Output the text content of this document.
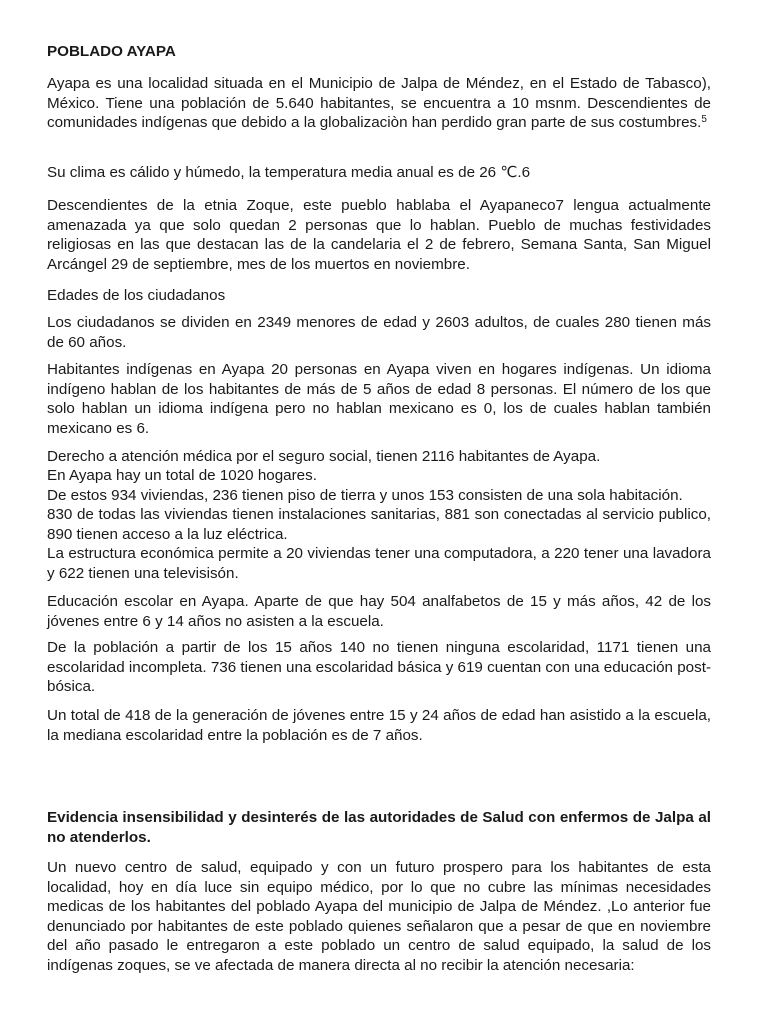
POBLADO AYAPA

Ayapa es una localidad situada en el Municipio de Jalpa de Méndez, en el Estado de Tabasco), México. Tiene una población de 5.640 habitantes, se encuentra a 10 msnm. Descendientes de comunidades indígenas que debido a la globalizaciòn han perdido gran parte de sus costumbres.$^5$

Su clima es cálido y húmedo, la temperatura media anual es de 26 ℃.6

Descendientes de la etnia Zoque, este pueblo hablaba el Ayapaneco7 lengua actualmente amenazada ya que solo quedan 2 personas que lo hablan. Pueblo de muchas festividades religiosas en las que destacan las de la candelaria el 2 de febrero, Semana Santa, San Miguel Arcángel 29 de septiembre, mes de los muertos en noviembre.

Edades de los ciudadanos

Los ciudadanos se dividen en 2349 menores de edad y 2603 adultos, de cuales 280 tienen más de 60 años.

Habitantes indígenas en Ayapa 20 personas en Ayapa viven en hogares indígenas. Un idioma indígeno hablan de los habitantes de más de 5 años de edad 8 personas. El número de los que solo hablan un idioma indígena pero no hablan mexicano es 0, los de cuales hablan también mexicano es 6.

Derecho a atención médica por el seguro social, tienen 2116 habitantes de Ayapa.

En Ayapa hay un total de 1020 hogares.

De estos 934 viviendas, 236 tienen piso de tierra y unos 153 consisten de una sola habitación.

830 de todas las viviendas tienen instalaciones sanitarias, 881 son conectadas al servicio publico, 890 tienen acceso a la luz eléctrica.

La estructura económica permite a 20 viviendas tener una computadora, a 220 tener una lavadora y 622 tienen una televisisón.

Educación escolar en Ayapa. Aparte de que hay 504 analfabetos de 15 y más años, 42 de los jóvenes entre 6 y 14 años no asisten a la escuela.

De la población a partir de los 15 años 140 no tienen ninguna escolaridad, 1171 tienen una escolaridad incompleta. 736 tienen una escolaridad básica y 619 cuentan con una educación post-bósica.

Un total de 418 de la generación de jóvenes entre 15 y 24 años de edad han asistido a la escuela, la mediana escolaridad entre la población es de 7 años.

Evidencia insensibilidad y desinterés de las autoridades de Salud con enfermos de Jalpa al no atenderlos.

Un nuevo centro de salud, equipado y con un futuro prospero para los habitantes de esta localidad, hoy en día luce sin equipo médico, por lo que no cubre las mínimas necesidades medicas de los habitantes del poblado Ayapa del municipio de Jalpa de Méndez. ,Lo anterior fue denunciado por habitantes de este poblado quienes señalaron que a pesar de que en noviembre del año pasado le entregaron a este poblado un centro de salud equipado, la salud de los indígenas zoques, se ve afectada de manera directa al no recibir la atención necesaria:
